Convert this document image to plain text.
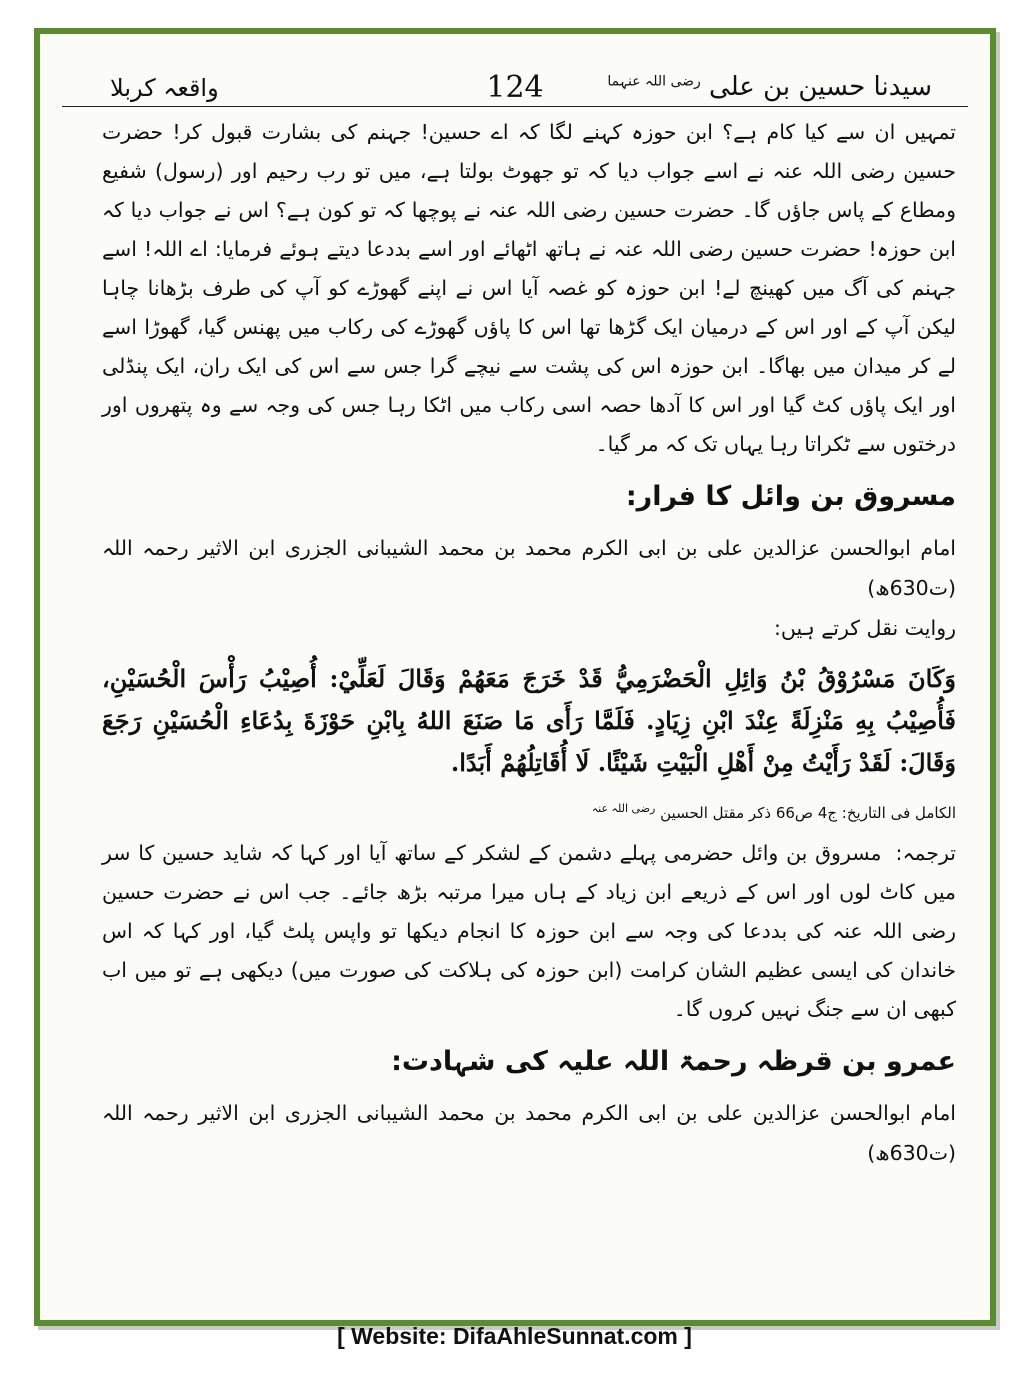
سیدنا حسین بن علی $^{رضی اللہ عنہما}$
124
واقعہ کربلا

تمہیں ان سے کیا کام ہے؟ ابن حوزہ کہنے لگا کہ اے حسین! جہنم کی بشارت قبول کر! حضرت حسین رضی اللہ عنہ نے اسے جواب دیا کہ تو جھوٹ بولتا ہے، میں تو رب رحیم اور (رسول) شفیع ومطاع کے پاس جاؤں گا۔ حضرت حسین رضی اللہ عنہ نے پوچھا کہ تو کون ہے؟ اس نے جواب دیا کہ ابن حوزہ! حضرت حسین رضی اللہ عنہ نے ہاتھ اٹھائے اور اسے بددعا دیتے ہوئے فرمایا: اے اللہ! اسے جہنم کی آگ میں کھینچ لے! ابن حوزہ کو غصہ آیا اس نے اپنے گھوڑے کو آپ کی طرف بڑھانا چاہا لیکن آپ کے اور اس کے درمیان ایک گڑھا تھا اس کا پاؤں گھوڑے کی رکاب میں پھنس گیا، گھوڑا اسے لے کر میدان میں بھاگا۔ ابن حوزہ اس کی پشت سے نیچے گرا جس سے اس کی ایک ران، ایک پنڈلی اور ایک پاؤں کٹ گیا اور اس کا آدھا حصہ اسی رکاب میں اٹکا رہا جس کی وجہ سے وہ پتھروں اور درختوں سے ٹکراتا رہا یہاں تک کہ مر گیا۔

مسروق بن وائل کا فرار:

امام ابوالحسن عزالدین علی بن ابی الکرم محمد بن محمد الشیبانی الجزری ابن الاثیر رحمہ اللہ (ت630ھ)

روایت نقل کرتے ہیں:

وَكَانَ مَسْرُوْقُ بْنُ وَائِلِ الْحَضْرَمِيُّ قَدْ خَرَجَ مَعَهُمْ وَقَالَ لَعَلِّيْ: أُصِيْبُ رَأْسَ الْحُسَيْنِ، فَأُصِيْبُ بِهِ مَنْزِلَةً عِنْدَ ابْنِ زِيَادٍ. فَلَمَّا رَأَى مَا صَنَعَ اللهُ بِابْنِ حَوْزَةَ بِدُعَاءِ الْحُسَيْنِ رَجَعَ وَقَالَ: لَقَدْ رَأَيْتُ مِنْ أَهْلِ الْبَيْتِ شَيْئًا. لَا أُقَاتِلُهُمْ أَبَدًا.

الکامل فی التاریخ: ج4 ص66 ذکر مقتل الحسین $^{رضی اللہ عنہ}$

ترجمہ:مسروق بن وائل حضرمی پہلے دشمن کے لشکر کے ساتھ آیا اور کہا کہ شاید حسین کا سر میں کاٹ لوں اور اس کے ذریعے ابن زیاد کے ہاں میرا مرتبہ بڑھ جائے۔ جب اس نے حضرت حسین رضی اللہ عنہ کی بددعا کی وجہ سے ابن حوزہ کا انجام دیکھا تو واپس پلٹ گیا، اور کہا کہ اس خاندان کی ایسی عظیم الشان کرامت (ابن حوزہ کی ہلاکت کی صورت میں) دیکھی ہے تو میں اب کبھی ان سے جنگ نہیں کروں گا۔

عمرو بن قرظہ رحمۃ اللہ علیہ کی شہادت:

امام ابوالحسن عزالدین علی بن ابی الکرم محمد بن محمد الشیبانی الجزری ابن الاثیر رحمہ اللہ (ت630ھ)

[ Website: DifaAhleSunnat.com ]
